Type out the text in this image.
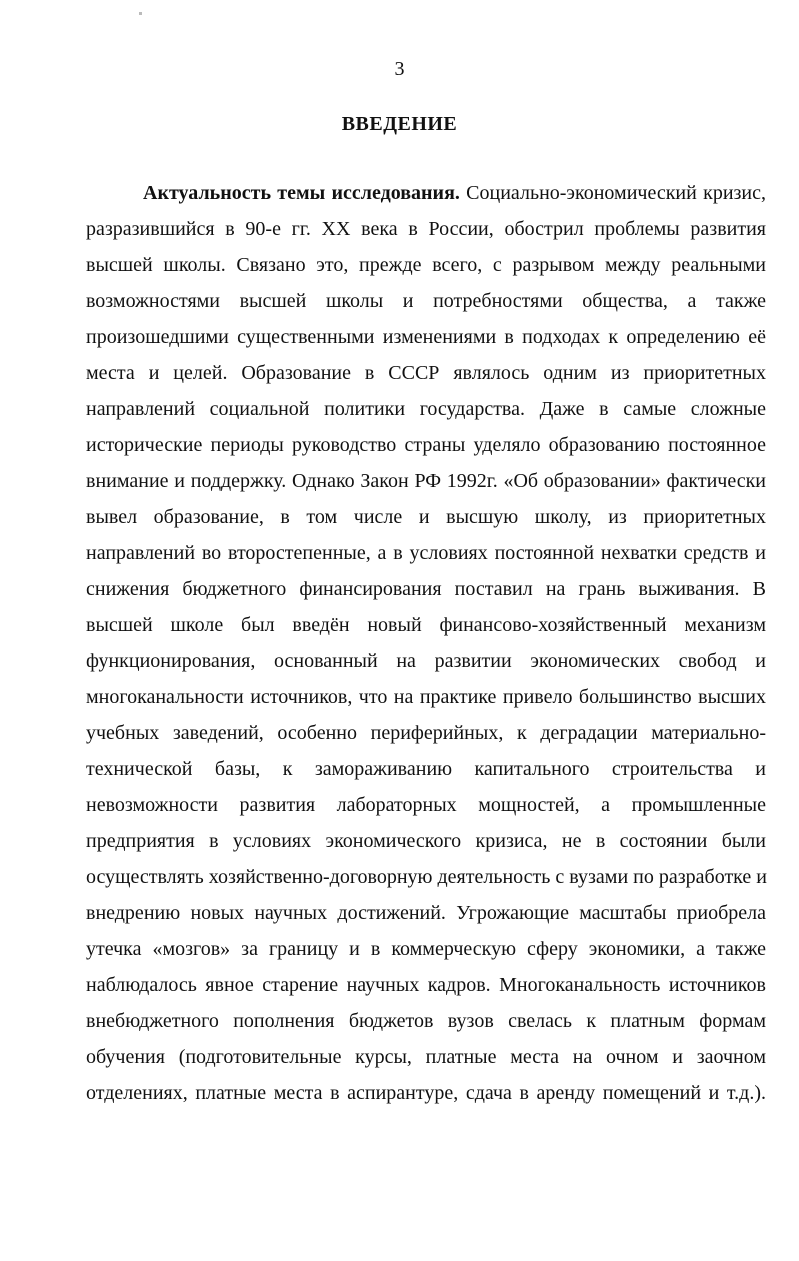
3
ВВЕДЕНИЕ
Актуальность темы исследования. Социально-экономический кризис,
разразившийся в 90-е гг. XX века в России, обострил проблемы развития
высшей школы. Связано это, прежде всего, с разрывом между реальными
возможностями высшей школы и потребностями общества, а также
произошедшими существенными изменениями в подходах к определению её
места и целей. Образование в СССР являлось одним из приоритетных
направлений социальной политики государства. Даже в самые сложные
исторические периоды руководство страны уделяло образованию постоянное
внимание и поддержку. Однако Закон РФ 1992г. «Об образовании» фактически
вывел образование, в том числе и высшую школу, из приоритетных
направлений во второстепенные, а в условиях постоянной нехватки средств и
снижения бюджетного финансирования поставил на грань выживания. В
высшей школе был введён новый финансово-хозяйственный механизм
функционирования, основанный на развитии экономических свобод и
многоканальности источников, что на практике привело большинство высших
учебных заведений, особенно периферийных, к деградации материально-
технической базы, к замораживанию капитального строительства и
невозможности развития лабораторных мощностей, а промышленные
предприятия в условиях экономического кризиса, не в состоянии были
осуществлять хозяйственно-договорную деятельность с вузами по разработке и
внедрению новых научных достижений. Угрожающие масштабы приобрела
утечка «мозгов» за границу и в коммерческую сферу экономики, а также
наблюдалось явное старение научных кадров. Многоканальность источников
внебюджетного пополнения бюджетов вузов свелась к платным формам
обучения (подготовительные курсы, платные места на очном и заочном
отделениях, платные места в аспирантуре, сдача в аренду помещений и т.д.).
